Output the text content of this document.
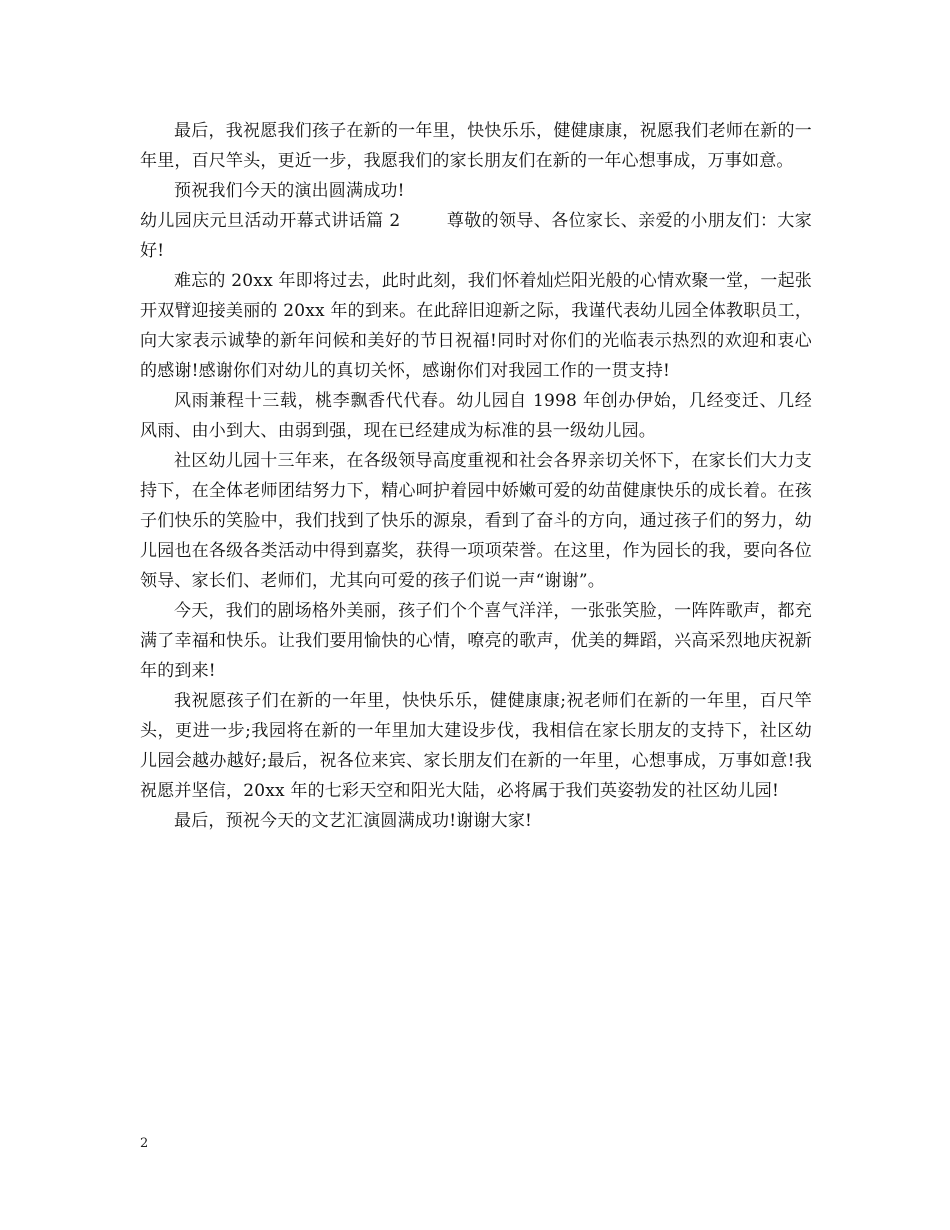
最后，我祝愿我们孩子在新的一年里，快快乐乐，健健康康，祝愿我们老师在新的一年里，百尺竿头，更近一步，我愿我们的家长朋友们在新的一年心想事成，万事如意。

预祝我们今天的演出圆满成功!

幼儿园庆元旦活动开幕式讲话篇 2        尊敬的领导、各位家长、亲爱的小朋友们：大家好!

难忘的 20xx 年即将过去，此时此刻，我们怀着灿烂阳光般的心情欢聚一堂，一起张开双臂迎接美丽的 20xx 年的到来。在此辞旧迎新之际，我谨代表幼儿园全体教职员工，向大家表示诚挚的新年问候和美好的节日祝福!同时对你们的光临表示热烈的欢迎和衷心的感谢!感谢你们对幼儿的真切关怀，感谢你们对我园工作的一贯支持!

风雨兼程十三载，桃李飘香代代春。幼儿园自 1998 年创办伊始，几经变迁、几经风雨、由小到大、由弱到强，现在已经建成为标准的县一级幼儿园。

社区幼儿园十三年来，在各级领导高度重视和社会各界亲切关怀下，在家长们大力支持下，在全体老师团结努力下，精心呵护着园中娇嫩可爱的幼苗健康快乐的成长着。在孩子们快乐的笑脸中，我们找到了快乐的源泉，看到了奋斗的方向，通过孩子们的努力，幼儿园也在各级各类活动中得到嘉奖，获得一项项荣誉。在这里，作为园长的我，要向各位领导、家长们、老师们，尤其向可爱的孩子们说一声“谢谢”。

今天，我们的剧场格外美丽，孩子们个个喜气洋洋，一张张笑脸，一阵阵歌声，都充满了幸福和快乐。让我们要用愉快的心情，嘹亮的歌声，优美的舞蹈，兴高采烈地庆祝新年的到来!

我祝愿孩子们在新的一年里，快快乐乐，健健康康;祝老师们在新的一年里，百尺竿头，更进一步;我园将在新的一年里加大建设步伐，我相信在家长朋友的支持下，社区幼儿园会越办越好;最后，祝各位来宾、家长朋友们在新的一年里，心想事成，万事如意!我祝愿并坚信，20xx 年的七彩天空和阳光大陆，必将属于我们英姿勃发的社区幼儿园!

最后，预祝今天的文艺汇演圆满成功!谢谢大家!

2
